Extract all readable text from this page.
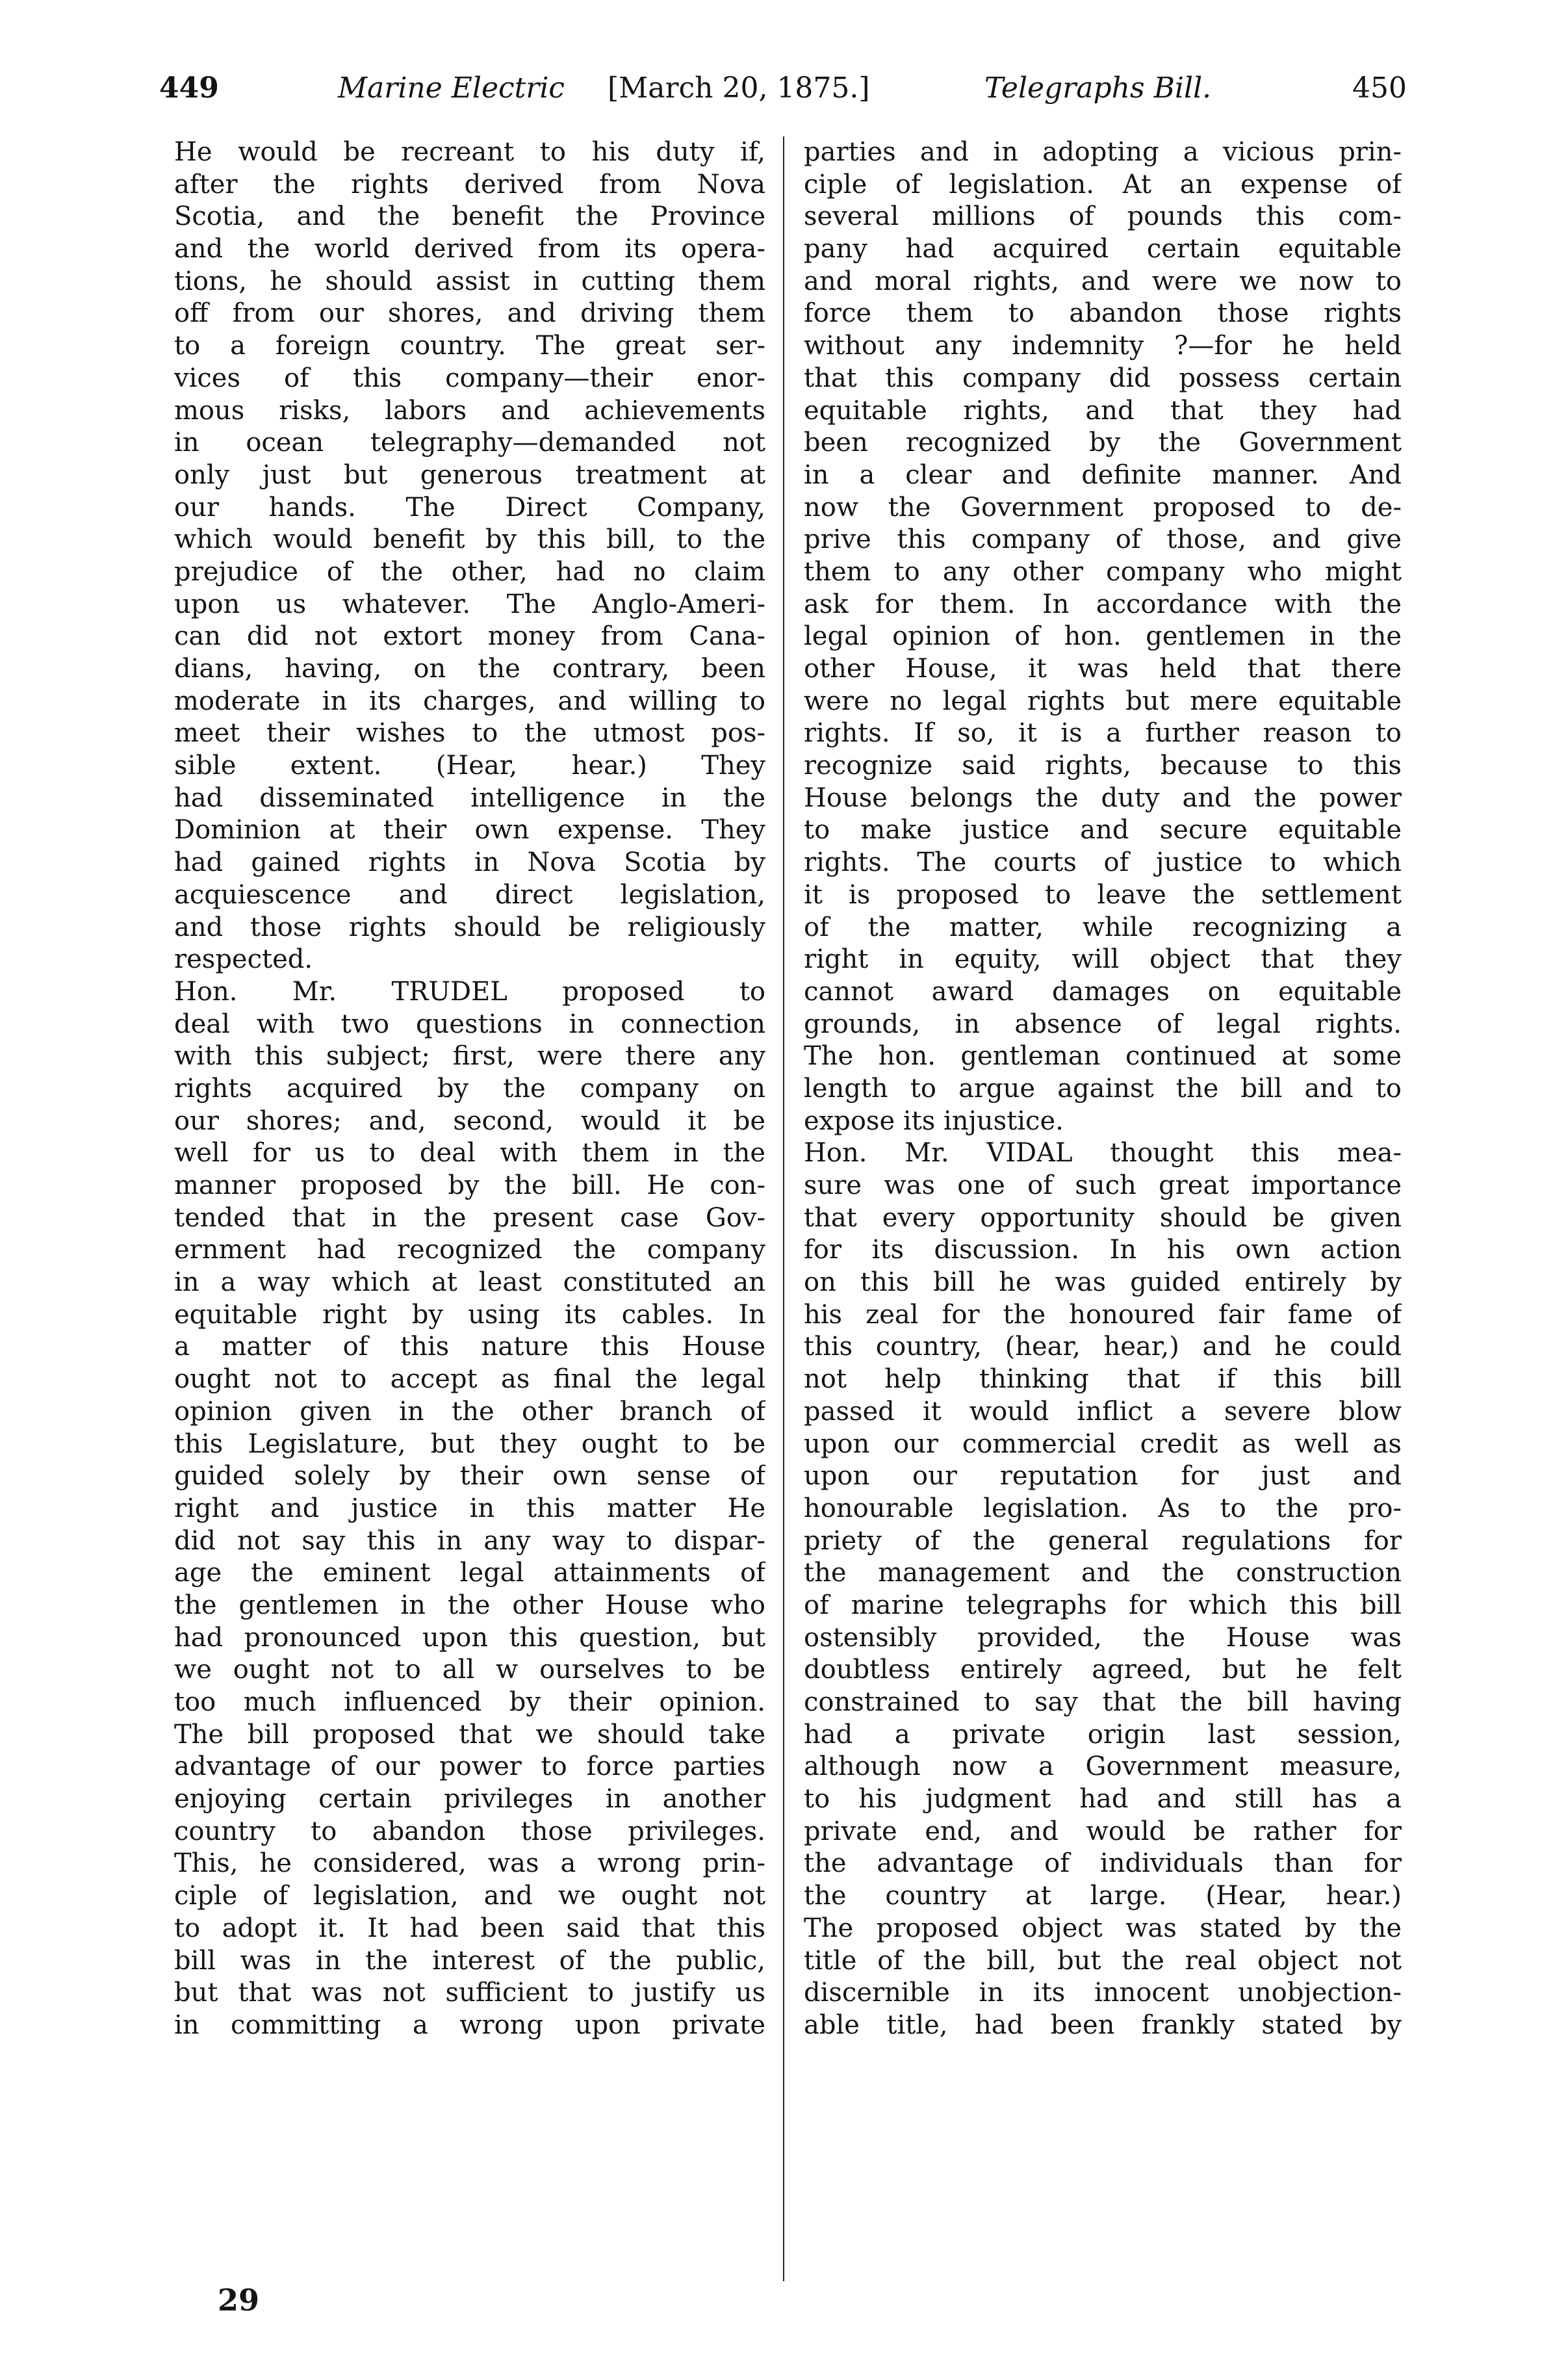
449	Marine Electric [March 20, 1875.]	Telegraphs Bill.	450
He would be recreant to his duty if,
after the rights derived from Nova
Scotia, and the benefit the Province
and the world derived from its opera-
tions, he should assist in cutting them
off from our shores, and driving them
to a foreign country. The great ser-
vices of this company—their enor-
mous risks, labors and achievements
in ocean telegraphy—demanded not
only just but generous treatment at
our hands. The Direct Company,
which would benefit by this bill, to the
prejudice of the other, had no claim
upon us whatever. The Anglo-Ameri-
can did not extort money from Cana-
dians, having, on the contrary, been
moderate in its charges, and willing to
meet their wishes to the utmost pos-
sible extent. (Hear, hear.) They
had disseminated intelligence in the
Dominion at their own expense. They
had gained rights in Nova Scotia by
acquiescence and direct legislation,
and those rights should be religiously
respected.
Hon. Mr. TRUDEL proposed to
deal with two questions in connection
with this subject; first, were there any
rights acquired by the company on
our shores; and, second, would it be
well for us to deal with them in the
manner proposed by the bill. He con-
tended that in the present case Gov-
ernment had recognized the company
in a way which at least constituted an
equitable right by using its cables. In
a matter of this nature this House
ought not to accept as final the legal
opinion given in the other branch of
this Legislature, but they ought to be
guided solely by their own sense of
right and justice in this matter He
did not say this in any way to dispar-
age the eminent legal attainments of
the gentlemen in the other House who
had pronounced upon this question, but
we ought not to all w ourselves to be
too much influenced by their opinion.
The bill proposed that we should take
advantage of our power to force parties
enjoying certain privileges in another
country to abandon those privileges.
This, he considered, was a wrong prin-
ciple of legislation, and we ought not
to adopt it. It had been said that this
bill was in the interest of the public,
but that was not sufficient to justify us
in committing a wrong upon private
parties and in adopting a vicious prin-
ciple of legislation. At an expense of
several millions of pounds this com-
pany had acquired certain equitable
and moral rights, and were we now to
force them to abandon those rights
without any indemnity ?—for he held
that this company did possess certain
equitable rights, and that they had
been recognized by the Government
in a clear and definite manner. And
now the Government proposed to de-
prive this company of those, and give
them to any other company who might
ask for them. In accordance with the
legal opinion of hon. gentlemen in the
other House, it was held that there
were no legal rights but mere equitable
rights. If so, it is a further reason to
recognize said rights, because to this
House belongs the duty and the power
to make justice and secure equitable
rights. The courts of justice to which
it is proposed to leave the settlement
of the matter, while recognizing a
right in equity, will object that they
cannot award damages on equitable
grounds, in absence of legal rights.
The hon. gentleman continued at some
length to argue against the bill and to
expose its injustice.
Hon. Mr. VIDAL thought this mea-
sure was one of such great importance
that every opportunity should be given
for its discussion. In his own action
on this bill he was guided entirely by
his zeal for the honoured fair fame of
this country, (hear, hear,) and he could
not help thinking that if this bill
passed it would inflict a severe blow
upon our commercial credit as well as
upon our reputation for just and
honourable legislation. As to the pro-
priety of the general regulations for
the management and the construction
of marine telegraphs for which this bill
ostensibly provided, the House was
doubtless entirely agreed, but he felt
constrained to say that the bill having
had a private origin last session,
although now a Government measure,
to his judgment had and still has a
private end, and would be rather for
the advantage of individuals than for
the country at large. (Hear, hear.)
The proposed object was stated by the
title of the bill, but the real object not
discernible in its innocent unobjection-
able title, had been frankly stated by
29
